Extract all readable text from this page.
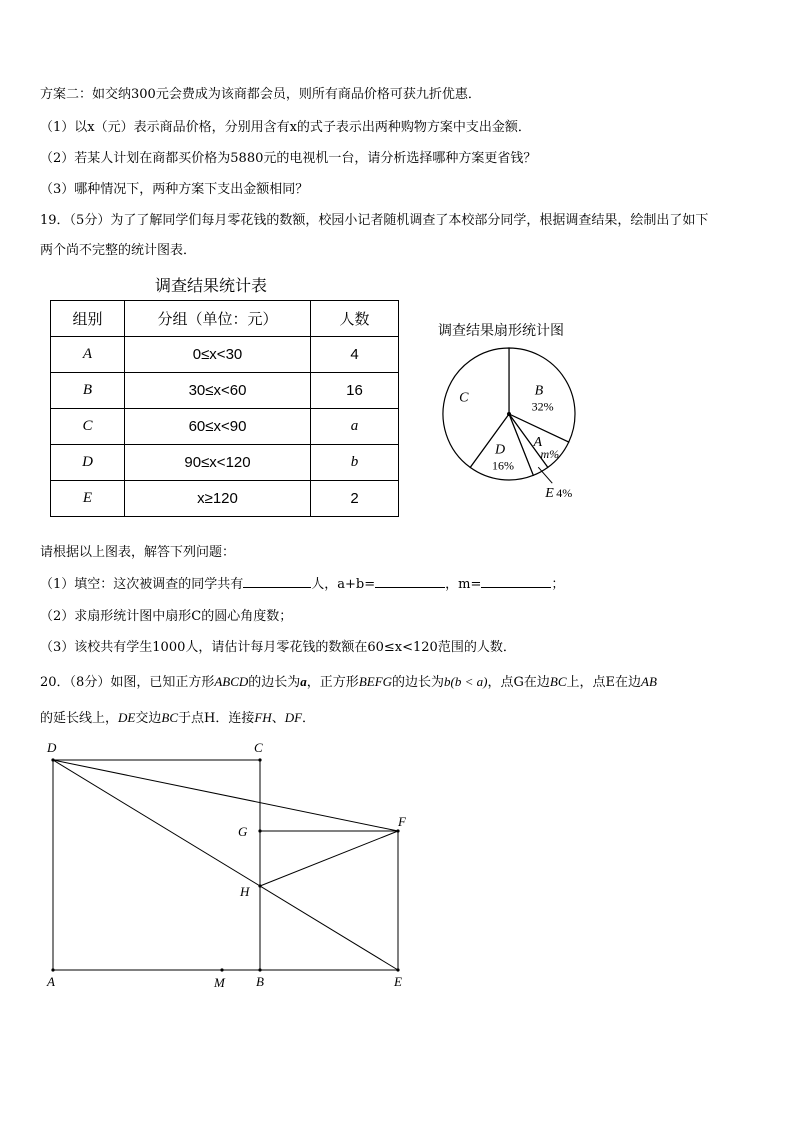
方案二：如交纳300元会费成为该商都会员，则所有商品价格可获九折优惠．
（1）以x（元）表示商品价格，分别用含有x的式子表示出两种购物方案中支出金额．
（2）若某人计划在商都买价格为5880元的电视机一台，请分析选择哪种方案更省钱？
（3）哪种情况下，两种方案下支出金额相同？
19．（5分）为了了解同学们每月零花钱的数额，校园小记者随机调查了本校部分同学，根据调查结果，绘制出了如下
两个尚不完整的统计图表．
调查结果统计表
组别	分组（单位：元）	人数
A	0≤x<30	4
B	30≤x<60	16
C	60≤x<90	a
D	90≤x<120	b
E	x≥120	2
调查结果扇形统计图
B
32%
A
m%
E 4%
D
16%
C
请根据以上图表，解答下列问题：
（1）填空：这次被调查的同学共有	人，a+b=	，m=	；
（2）求扇形统计图中扇形C的圆心角度数；
（3）该校共有学生1000人，请估计每月零花钱的数额在60≤x<120范围的人数．
20．（8分）如图，已知正方形ABCD的边长为a，正方形BEFG的边长为b(b < a)，点G在边BC上，点E在边AB
的延长线上，DE交边BC于点H．连接FH、DF．
D	C
G
F
H
A	M B	E
